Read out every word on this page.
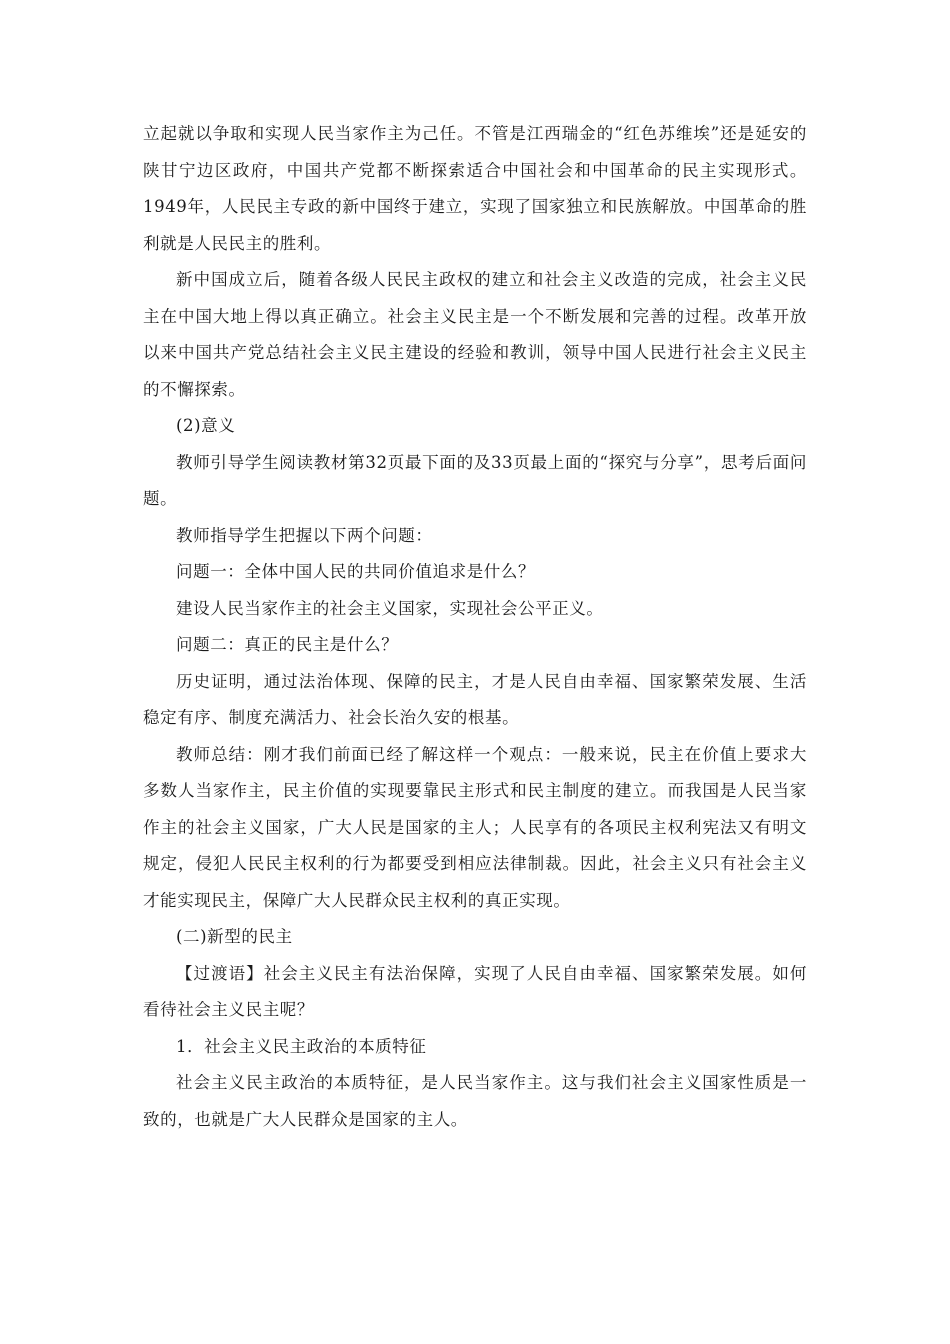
立起就以争取和实现人民当家作主为己任。不管是江西瑞金的“红色苏维埃”还是延安的陕甘宁边区政府，中国共产党都不断探索适合中国社会和中国革命的民主实现形式。1949年，人民民主专政的新中国终于建立，实现了国家独立和民族解放。中国革命的胜利就是人民民主的胜利。

新中国成立后，随着各级人民民主政权的建立和社会主义改造的完成，社会主义民主在中国大地上得以真正确立。社会主义民主是一个不断发展和完善的过程。改革开放以来中国共产党总结社会主义民主建设的经验和教训，领导中国人民进行社会主义民主的不懈探索。

(2)意义

教师引导学生阅读教材第32页最下面的及33页最上面的“探究与分享”，思考后面问题。

教师指导学生把握以下两个问题：

问题一：全体中国人民的共同价值追求是什么？

建设人民当家作主的社会主义国家，实现社会公平正义。

问题二：真正的民主是什么？

历史证明，通过法治体现、保障的民主，才是人民自由幸福、国家繁荣发展、生活稳定有序、制度充满活力、社会长治久安的根基。

教师总结：刚才我们前面已经了解这样一个观点：一般来说，民主在价值上要求大多数人当家作主，民主价值的实现要靠民主形式和民主制度的建立。而我国是人民当家作主的社会主义国家，广大人民是国家的主人；人民享有的各项民主权利宪法又有明文规定，侵犯人民民主权利的行为都要受到相应法律制裁。因此，社会主义只有社会主义才能实现民主，保障广大人民群众民主权利的真正实现。

(二)新型的民主

【过渡语】社会主义民主有法治保障，实现了人民自由幸福、国家繁荣发展。如何看待社会主义民主呢？

1．社会主义民主政治的本质特征

社会主义民主政治的本质特征，是人民当家作主。这与我们社会主义国家性质是一致的，也就是广大人民群众是国家的主人。
